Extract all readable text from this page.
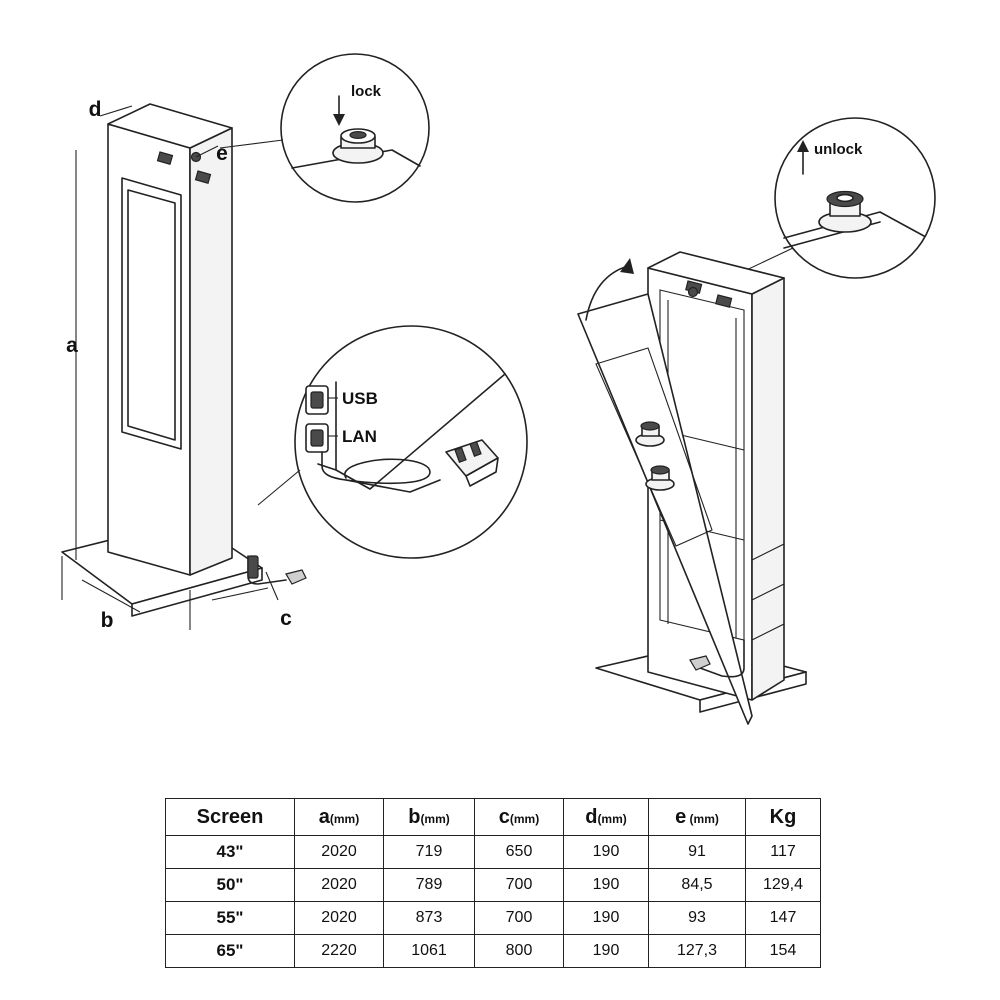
a
b	c
d
e
lock
USB
LAN
unlock
Screen	a(mm)	b(mm)	c(mm)	d(mm)	e (mm)	Kg
43"	2020	719	650	190	91	117
50"	2020	789	700	190	84,5	129,4
55"	2020	873	700	190	93	147
65"	2220	1061	800	190	127,3	154
